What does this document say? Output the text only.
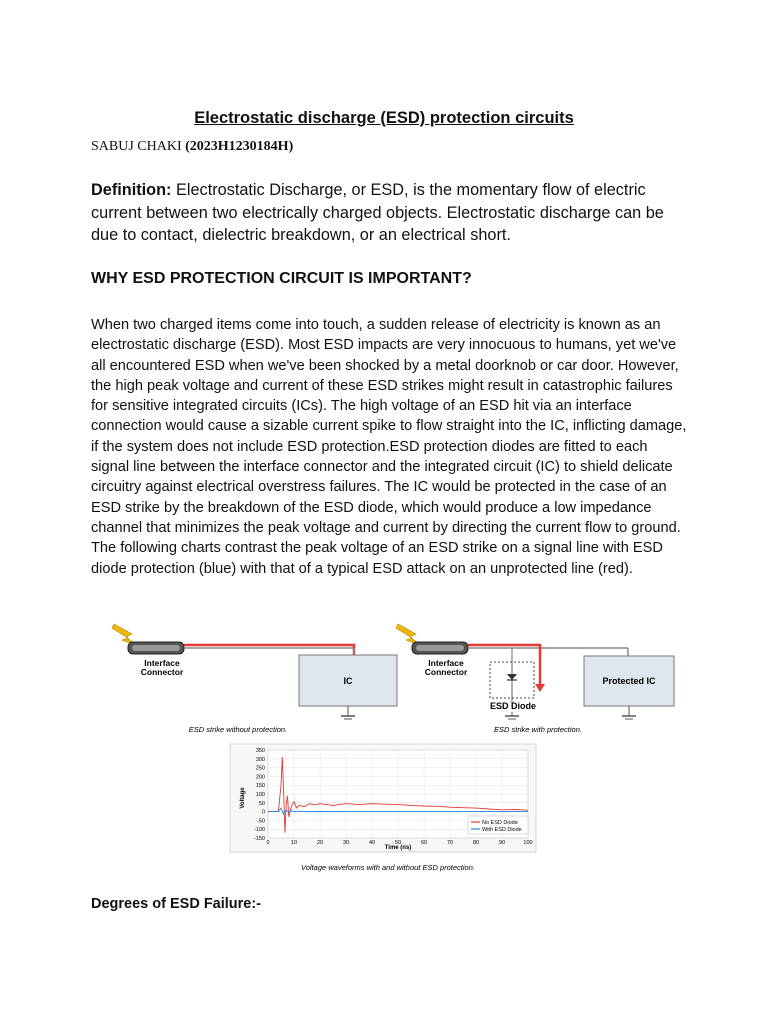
Electrostatic discharge (ESD) protection circuits
SABUJ CHAKI (2023H1230184H)
Definition: Electrostatic Discharge, or ESD, is the momentary flow of electric current between two electrically charged objects. Electrostatic discharge can be due to contact, dielectric breakdown, or an electrical short.
WHY ESD PROTECTION CIRCUIT IS IMPORTANT?
When two charged items come into touch, a sudden release of electricity is known as an electrostatic discharge (ESD). Most ESD impacts are very innocuous to humans, yet we've all encountered ESD when we've been shocked by a metal doorknob or car door. However, the high peak voltage and current of these ESD strikes might result in catastrophic failures for sensitive integrated circuits (ICs). The high voltage of an ESD hit via an interface connection would cause a sizable current spike to flow straight into the IC, inflicting damage, if the system does not include ESD protection.ESD protection diodes are fitted to each signal line between the interface connector and the integrated circuit (IC) to shield delicate circuitry against electrical overstress failures. The IC would be protected in the case of an ESD strike by the breakdown of the ESD diode, which would produce a low impedance channel that minimizes the peak voltage and current by directing the current flow to ground. The following charts contrast the peak voltage of an ESD strike on a signal line with ESD diode protection (blue) with that of a typical ESD attack on an unprotected line (red).
Interface
Connector
IC
ESD strike without protection.
Interface
Connector
ESD Diode
Protected IC
ESD strike with protection.
350
300
250
200
150
100
50
0
-50
-100
-150
0	10	20	30	40	50	60	70	80	90	100
Voltage
Time (ns)
No ESD Diode
With ESD Diode
Voltage waveforms with and without ESD protection.
Degrees of ESD Failure:-
